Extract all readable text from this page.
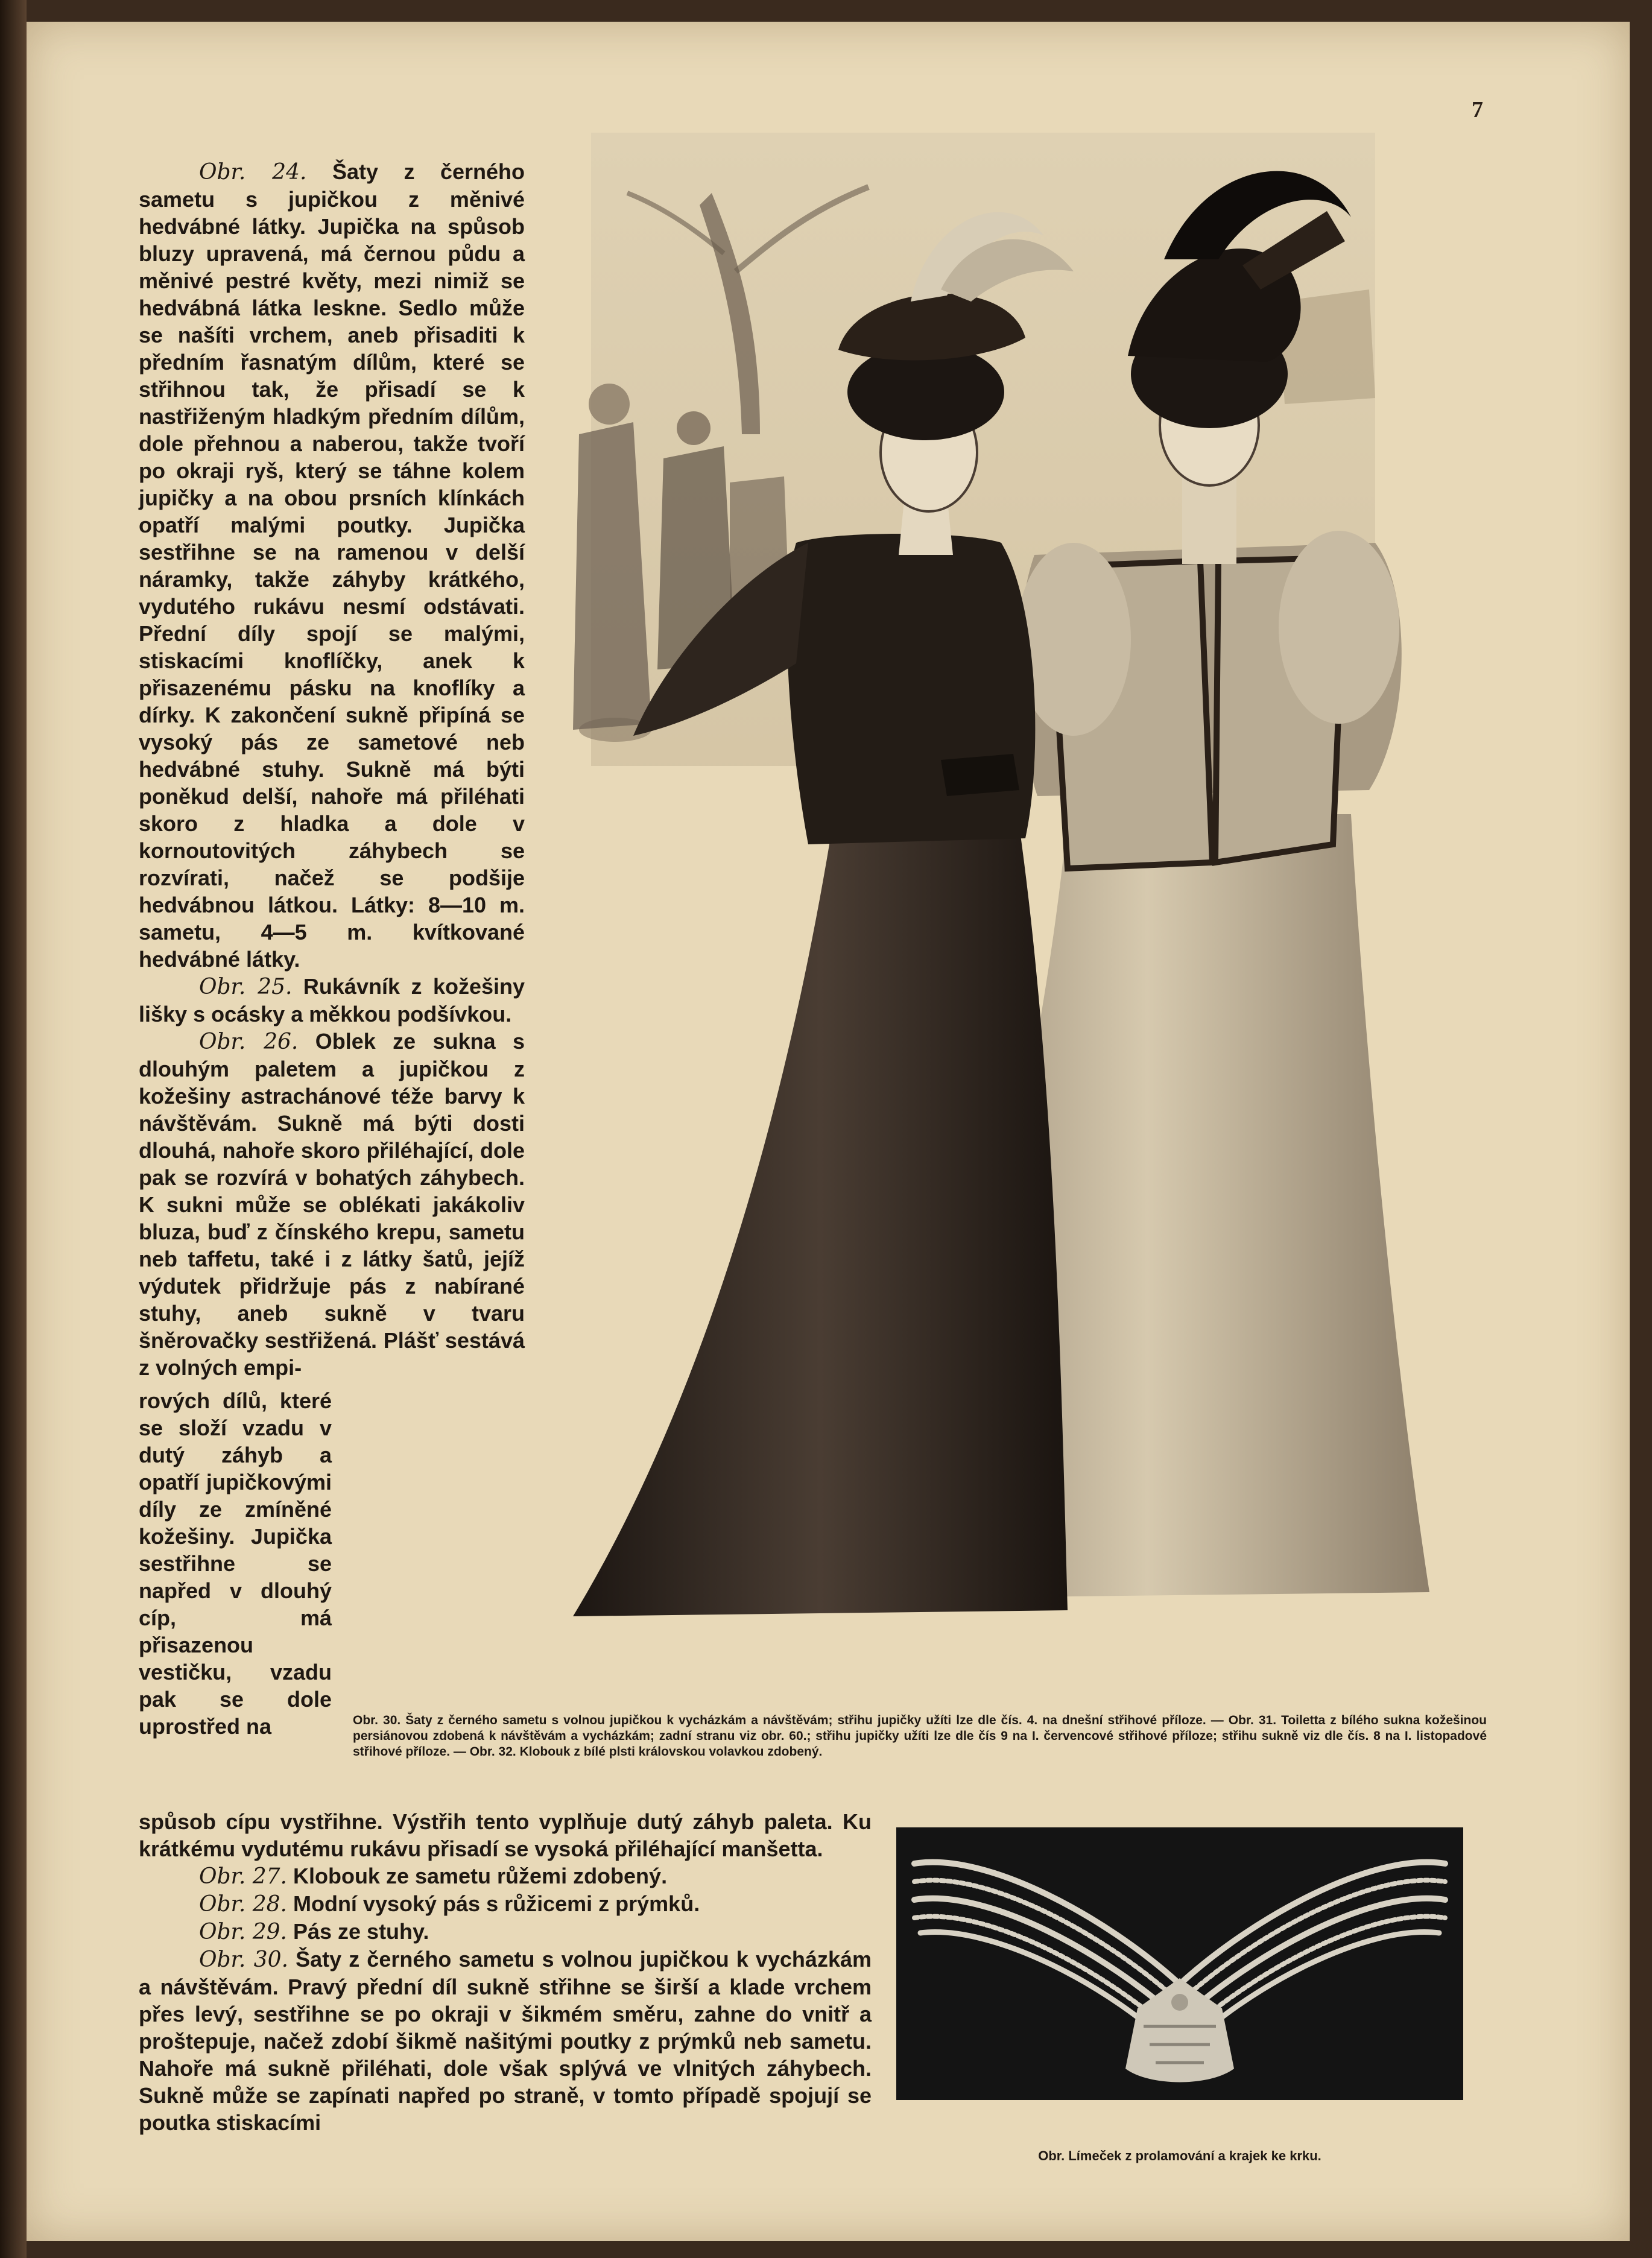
7

Obr. 24. Šaty z černého sametu s jupičkou z měnivé hedvábné látky. Jupička na spůsob bluzy upravená, má černou půdu a měnivé pestré květy, mezi nimiž se hedvábná látka leskne. Sedlo může se našíti vrchem, aneb přisaditi k předním řasnatým dílům, které se střihnou tak, že přisadí se k nastřiženým hladkým předním dílům, dole přehnou a naberou, takže tvoří po okraji ryš, který se táhne kolem jupičky a na obou prsních klínkách opatří malými poutky. Jupička sestřihne se na ramenou v delší náramky, takže záhyby krátkého, vydutého rukávu nesmí odstávati. Přední díly spojí se malými, stiskacími knoflíčky, anek k přisazenému pásku na knoflíky a dírky. K zakončení sukně připíná se vysoký pás ze sametové neb hedvábné stuhy. Sukně má býti poněkud delší, nahoře má přiléhati skoro z hladka a dole v kornoutovitých záhybech se rozvírati, načež se podšije hedvábnou látkou. Látky: 8—10 m. sametu, 4—5 m. kvítkované hedvábné látky.

Obr. 25. Rukávník z kožešiny lišky s ocásky a měkkou podšívkou.

Obr. 26. Oblek ze sukna s dlouhým paletem a jupičkou z kožešiny astrachánové téže barvy k návštěvám. Sukně má býti dosti dlouhá, nahoře skoro přiléhající, dole pak se rozvírá v bohatých záhybech. K sukni může se oblékati jakákoliv bluza, buď z čínského krepu, sametu neb taffetu, také i z látky šatů, jejíž výdutek přidržuje pás z nabírané stuhy, aneb sukně v tvaru šněrovačky sestřižená. Plášť sestává z volných empi-

rových dílů, které se složí vzadu v dutý záhyb a opatří jupičkovými díly ze zmíněné kožešiny. Jupička sestřihne se napřed v dlouhý cíp, má přisazenou vestičku, vzadu pak se dole uprostřed na	Obr. 30. Šaty z černého sametu s volnou jupičkou k vycházkám a návštěvám; střihu jupičky užíti lze dle čís. 4. na dnešní střihové příloze. — Obr. 31. Toiletta z bílého sukna kožešinou persiánovou zdobená k návštěvám a vycházkám; zadní stranu viz obr. 60.; střihu jupičky užíti lze dle čís 9 na I. červencové střihové příloze; střihu sukně viz dle čís. 8 na I. listopadové střihové příloze. — Obr. 32. Klobouk z bílé plsti královskou volavkou zdobený.

spůsob cípu vystřihne. Výstřih tento vyplňuje dutý záhyb paleta. Ku krátkému vydutému rukávu přisadí se vysoká přiléhající manšetta.

Obr. 27. Klobouk ze sametu růžemi zdobený.

Obr. 28. Modní vysoký pás s růžicemi z prýmků.

Obr. 29. Pás ze stuhy.

Obr. 30. Šaty z černého sametu s volnou jupičkou k vycházkám a návštěvám. Pravý přední díl sukně střihne se širší a klade vrchem přes levý, sestřihne se po okraji v šikmém směru, zahne do vnitř a proštepuje, načež zdobí šikmě našitými poutky z prýmků neb sametu. Nahoře má sukně přiléhati, dole však splývá ve vlnitých záhybech. Sukně může se zapínati napřed po straně, v tomto případě spojují se poutka stiskacími

Obr. Límeček z prolamování a krajek ke krku.
